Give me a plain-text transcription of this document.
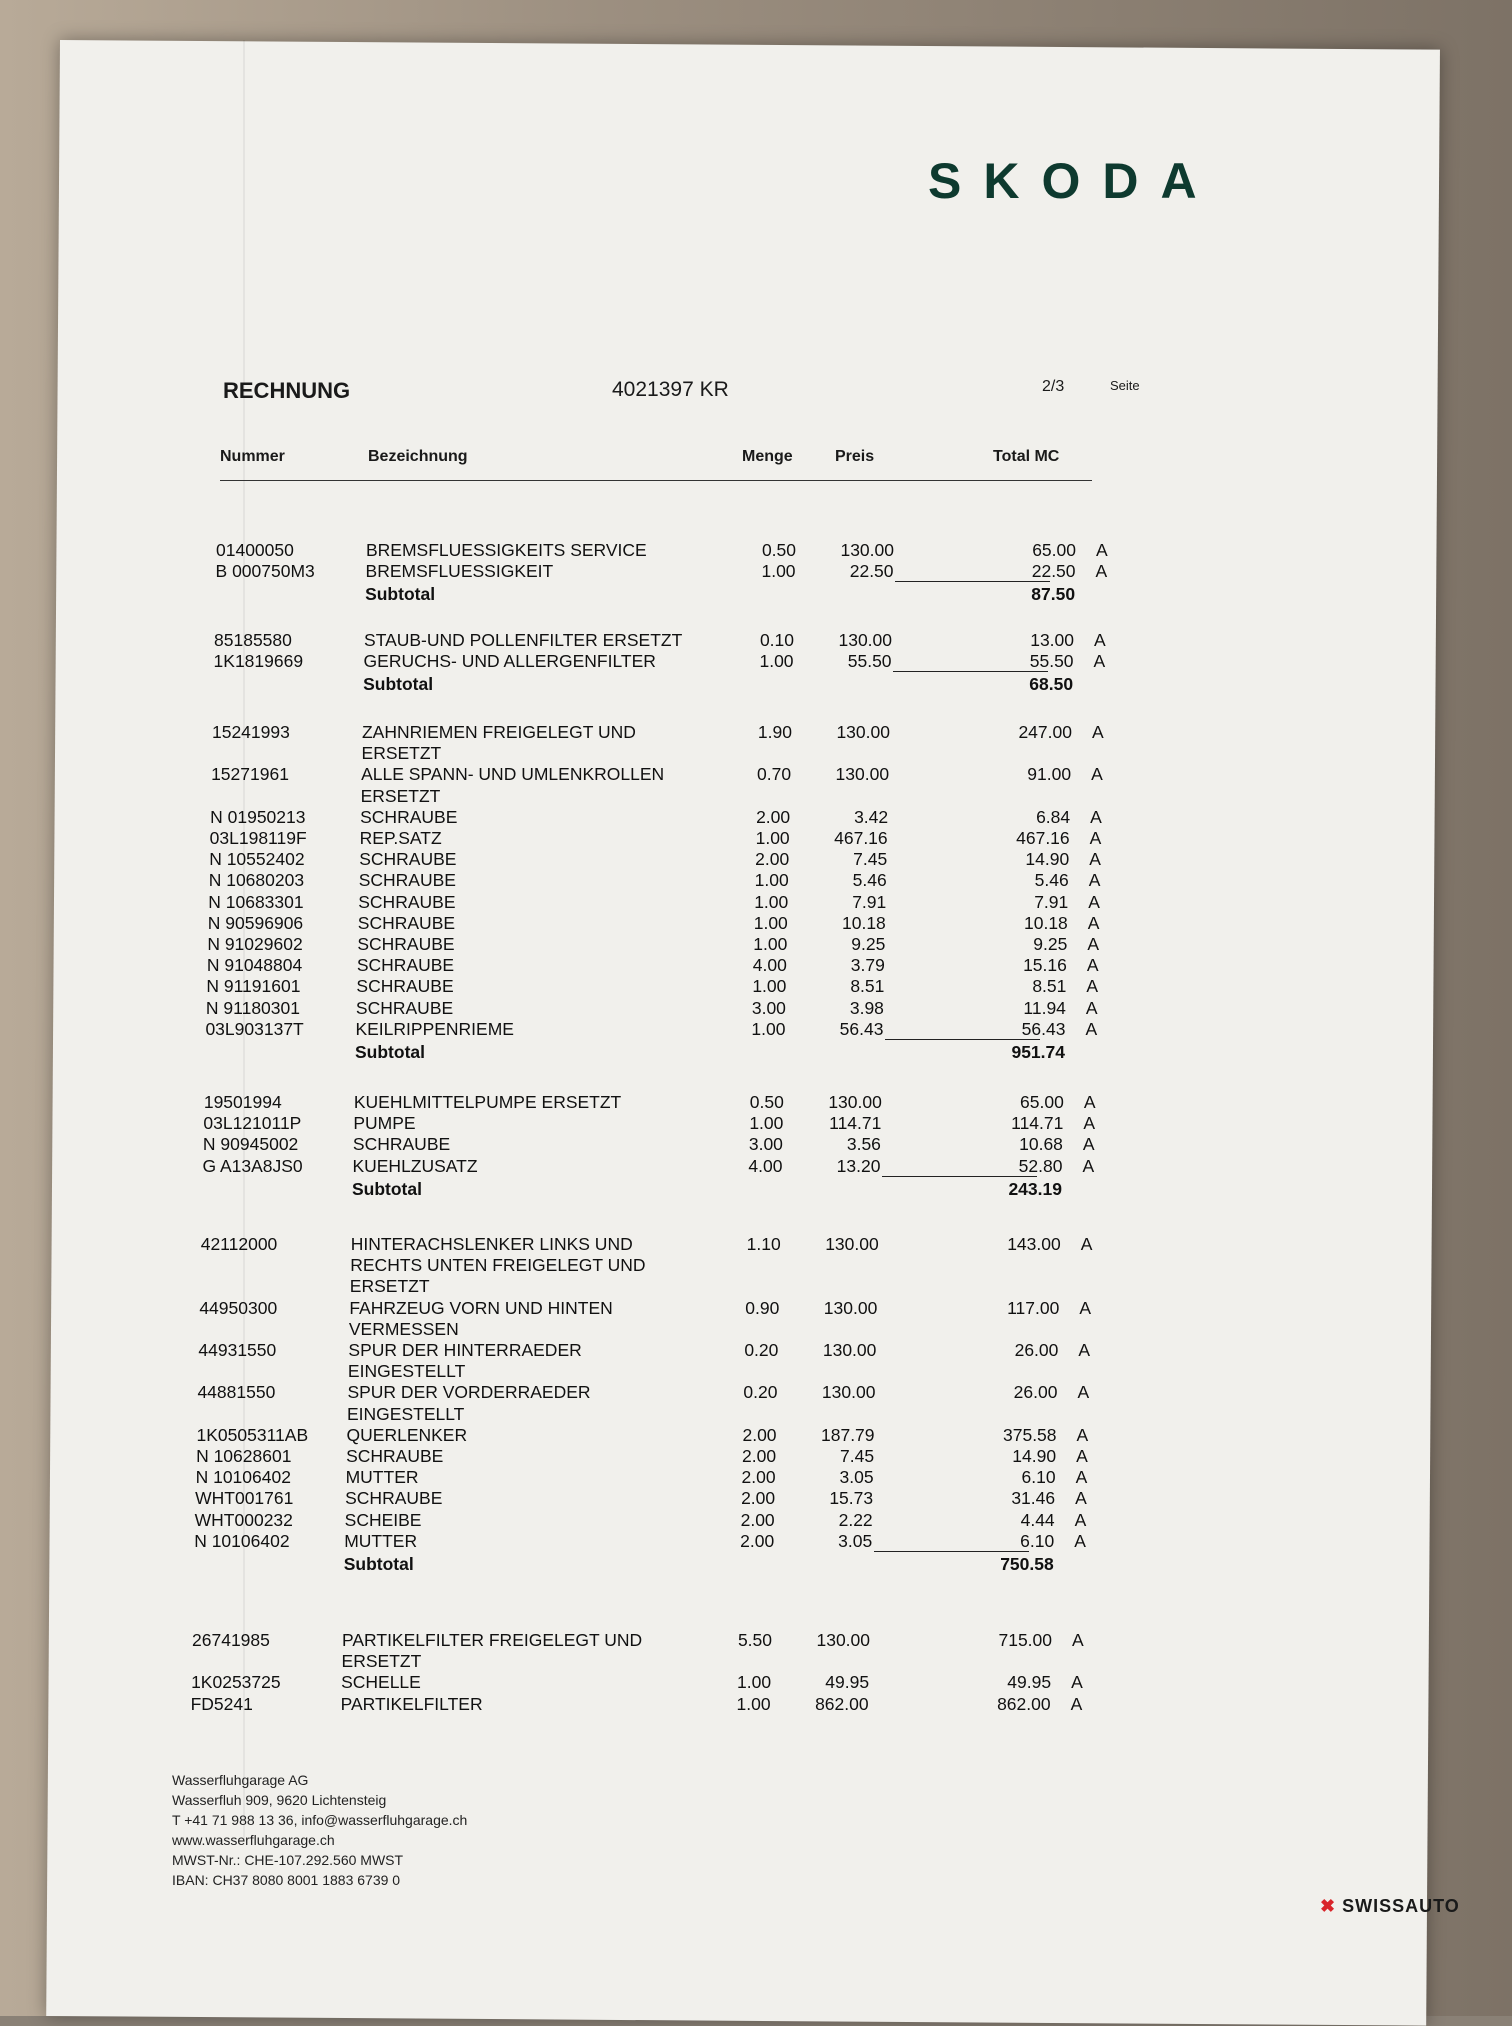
SKODA
RECHNUNG	4021397 KR	2/3	Seite
Nummer	Bezeichnung	Menge	Preis	Total MC
01400050	BREMSFLUESSIGKEITS SERVICE	0.50	130.00	65.00 A
B 000750M3	BREMSFLUESSIGKEIT	1.00	22.50	22.50 A
Subtotal	87.50
85185580	STAUB-UND POLLENFILTER ERSETZT	0.10	130.00	13.00 A
1K1819669	GERUCHS- UND ALLERGENFILTER	1.00	55.50	55.50 A
Subtotal	68.50
15241993	ZAHNRIEMEN FREIGELEGT UND	1.90	130.00	247.00 A
ERSETZT
15271961	ALLE SPANN- UND UMLENKROLLEN	0.70	130.00	91.00 A
ERSETZT
N 01950213	SCHRAUBE	2.00	3.42	6.84 A
03L198119F	REP.SATZ	1.00	467.16	467.16 A
N 10552402	SCHRAUBE	2.00	7.45	14.90 A
N 10680203	SCHRAUBE	1.00	5.46	5.46 A
N 10683301	SCHRAUBE	1.00	7.91	7.91 A
N 90596906	SCHRAUBE	1.00	10.18	10.18 A
N 91029602	SCHRAUBE	1.00	9.25	9.25 A
N 91048804	SCHRAUBE	4.00	3.79	15.16 A
N 91191601	SCHRAUBE	1.00	8.51	8.51 A
N 91180301	SCHRAUBE	3.00	3.98	11.94 A
03L903137T	KEILRIPPENRIEME	1.00	56.43	56.43 A
Subtotal	951.74
19501994	KUEHLMITTELPUMPE ERSETZT	0.50	130.00	65.00 A
03L121011P	PUMPE	1.00	114.71	114.71 A
N 90945002	SCHRAUBE	3.00	3.56	10.68 A
G A13A8JS0	KUEHLZUSATZ	4.00	13.20	52.80 A
Subtotal	243.19
42112000	HINTERACHSLENKER LINKS UND	1.10	130.00	143.00 A
RECHTS UNTEN FREIGELEGT UND
ERSETZT
44950300	FAHRZEUG VORN UND HINTEN	0.90	130.00	117.00 A
VERMESSEN
44931550	SPUR DER HINTERRAEDER	0.20	130.00	26.00 A
EINGESTELLT
44881550	SPUR DER VORDERRAEDER	0.20	130.00	26.00 A
EINGESTELLT
1K0505311AB QUERLENKER	2.00	187.79	375.58 A
N 10628601	SCHRAUBE	2.00	7.45	14.90 A
N 10106402	MUTTER	2.00	3.05	6.10 A
WHT001761	SCHRAUBE	2.00	15.73	31.46 A
WHT000232	SCHEIBE	2.00	2.22	4.44 A
N 10106402	MUTTER	2.00	3.05	6.10 A
Subtotal	750.58
26741985	PARTIKELFILTER FREIGELEGT UND	5.50	130.00	715.00 A
ERSETZT
1K0253725	SCHELLE	1.00	49.95	49.95 A
FD5241	PARTIKELFILTER	1.00	862.00	862.00 A
Wasserfluhgarage AG
Wasserfluh 909, 9620 Lichtensteig
T +41 71 988 13 36, info@wasserfluhgarage.ch
www.wasserfluhgarage.ch
MWST-Nr.: CHE-107.292.560 MWST
IBAN: CH37 8080 8001 1883 6739 0
✖ SWISSAUTO
